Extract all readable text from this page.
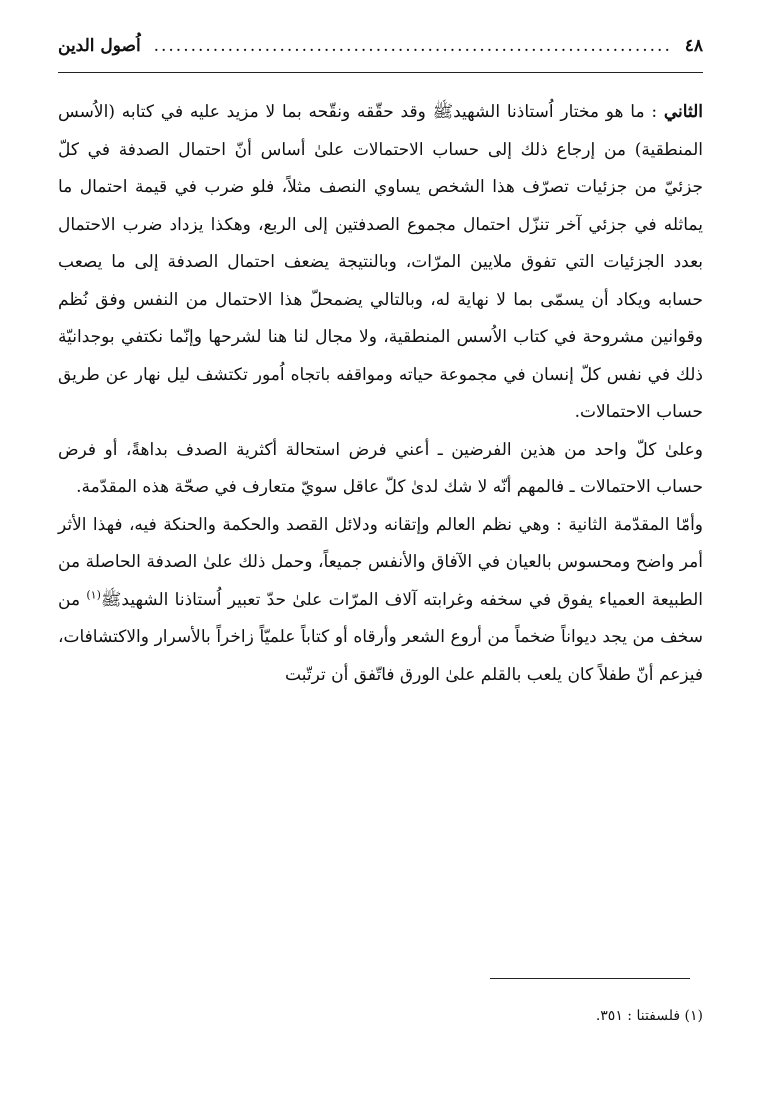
٤٨
......................................................................
اُصول الدين

الثاني : ما هو مختار اُستاذنا الشهيدﷺ وقد حقّقه ونقّحه بما لا مزيد عليه في كتابه (الاُسس المنطقية) من إرجاع ذلك إلى حساب الاحتمالات علىٰ أساس أنّ احتمال الصدفة في كلّ جزئيّ من جزئيات تصرّف هذا الشخص يساوي النصف مثلاً، فلو ضرب في قيمة احتمال ما يماثله في جزئي آخر تنزّل احتمال مجموع الصدفتين إلى الربع، وهكذا يزداد ضرب الاحتمال بعدد الجزئيات التي تفوق ملايين المرّات، وبالنتيجة يضعف احتمال الصدفة إلى ما يصعب حسابه ويكاد أن يسمّى بما لا نهاية له، وبالتالي يضمحلّ هذا الاحتمال من النفس وفق نُظم وقوانين مشروحة في كتاب الاُسس المنطقية، ولا مجال لنا هنا لشرحها وإنّما نكتفي بوجدانيّة ذلك في نفس كلّ إنسان في مجموعة حياته ومواقفه باتجاه اُمور تكتشف ليل نهار عن طريق حساب الاحتمالات.

وعلىٰ كلّ واحد من هذين الفرضين ـ أعني فرض استحالة أكثرية الصدف بداهةً، أو فرض حساب الاحتمالات ـ فالمهم أنّه لا شك لدىٰ كلّ عاقل سويّ متعارف في صحّة هذه المقدّمة.

وأمّا المقدّمة الثانية : وهي نظم العالم وإتقانه ودلائل القصد والحكمة والحنكة فيه، فهذا الأثر أمر واضح ومحسوس بالعيان في الآفاق والأنفس جميعاً، وحمل ذلك علىٰ الصدفة الحاصلة من الطبيعة العمياء يفوق في سخفه وغرابته آلاف المرّات علىٰ حدّ تعبير اُستاذنا الشهيدﷺ$^{(١)}$ من سخف من يجد ديواناً ضخماً من أروع الشعر وأرقاه أو كتاباً علميّاً زاخراً بالأسرار والاكتشافات، فيزعم أنّ طفلاً كان يلعب بالقلم علىٰ الورق فاتّفق أن ترتّبت

(١) فلسفتنا : ٣٥١.
